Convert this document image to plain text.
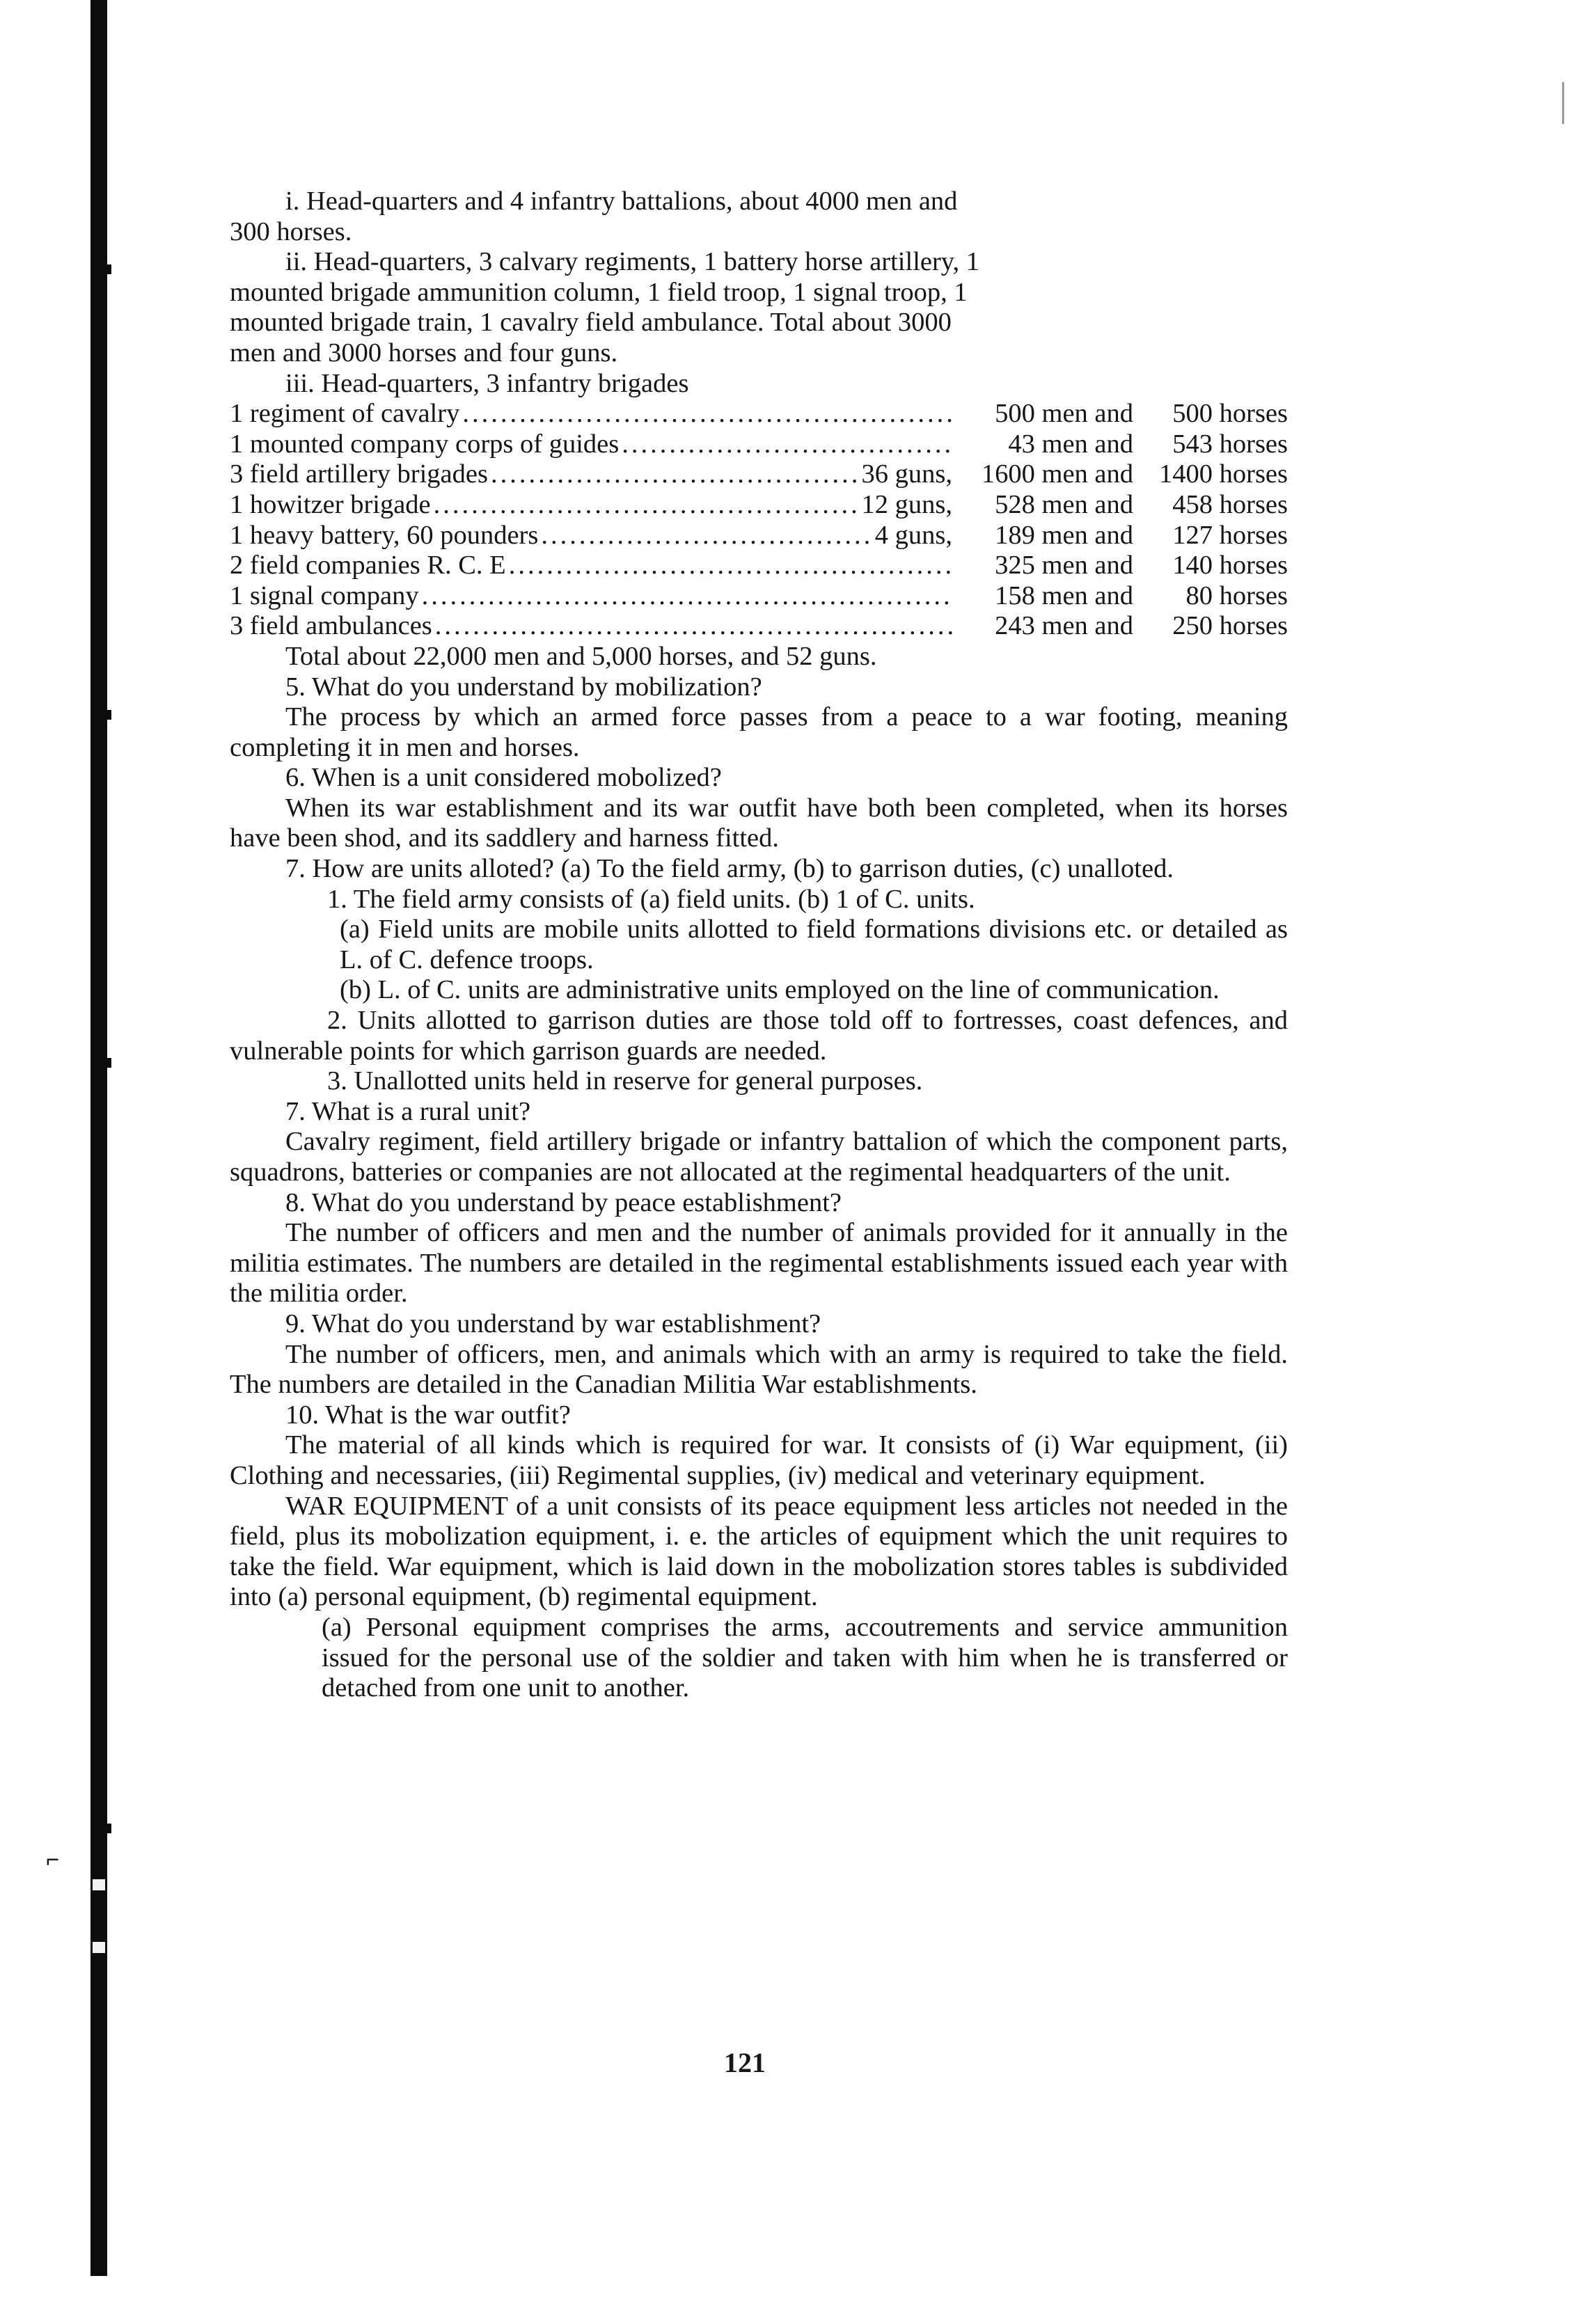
⌐

i. Head-quarters and 4 infantry battalions, about 4000 men and

300 horses.

ii. Head-quarters, 3 calvary regiments, 1 battery horse artillery, 1

mounted brigade ammunition column, 1 field troop, 1 signal troop, 1

mounted brigade train, 1 cavalry field ambulance. Total about 3000

men and 3000 horses and four guns.

iii. Head-quarters, 3 infantry brigades

1 regiment of cavalry .....	500 men and	500 horses
1 mounted company corps of guides .....	43 men and	543 horses
3 field artillery brigades .....	36 guns,	1600 men and 1400 horses
1 howitzer brigade .....	12 guns,	528 men and	458 horses
1 heavy battery, 60 pounders .....	4 guns,	189 men and	127 horses
2 field companies R. C. E .....	325 men and	140 horses
1 signal company .....	158 men and	80 horses
3 field ambulances .....	243 men and	250 horses

Total about 22,000 men and 5,000 horses, and 52 guns.

5. What do you understand by mobilization?

The process by which an armed force passes from a peace to a war footing, meaning completing it in men and horses.

6. When is a unit considered mobolized?

When its war establishment and its war outfit have both been completed, when its horses have been shod, and its saddlery and harness fitted.

7. How are units alloted? (a) To the field army, (b) to garrison duties, (c) unalloted.

1. The field army consists of (a) field units. (b) 1 of C. units.

(a) Field units are mobile units allotted to field formations divisions etc. or detailed as L. of C. defence troops.

(b) L. of C. units are administrative units employed on the line of communication.

2. Units allotted to garrison duties are those told off to fortresses, coast defences, and vulnerable points for which garrison guards are needed.

3. Unallotted units held in reserve for general purposes.

7. What is a rural unit?

Cavalry regiment, field artillery brigade or infantry battalion of which the component parts, squadrons, batteries or companies are not allocated at the regimental headquarters of the unit.

8. What do you understand by peace establishment?

The number of officers and men and the number of animals provided for it annually in the militia estimates. The numbers are detailed in the regimental establishments issued each year with the militia order.

9. What do you understand by war establishment?

The number of officers, men, and animals which with an army is required to take the field. The numbers are detailed in the Canadian Militia War establishments.

10. What is the war outfit?

The material of all kinds which is required for war. It consists of (i) War equipment, (ii) Clothing and necessaries, (iii) Regimental supplies, (iv) medical and veterinary equipment.

WAR EQUIPMENT of a unit consists of its peace equipment less articles not needed in the field, plus its mobolization equipment, i. e. the articles of equipment which the unit requires to take the field. War equipment, which is laid down in the mobolization stores tables is subdivided into (a) personal equipment, (b) regimental equipment.

(a) Personal equipment comprises the arms, accoutrements and service ammunition issued for the personal use of the soldier and taken with him when he is transferred or detached from one unit to another.

121
